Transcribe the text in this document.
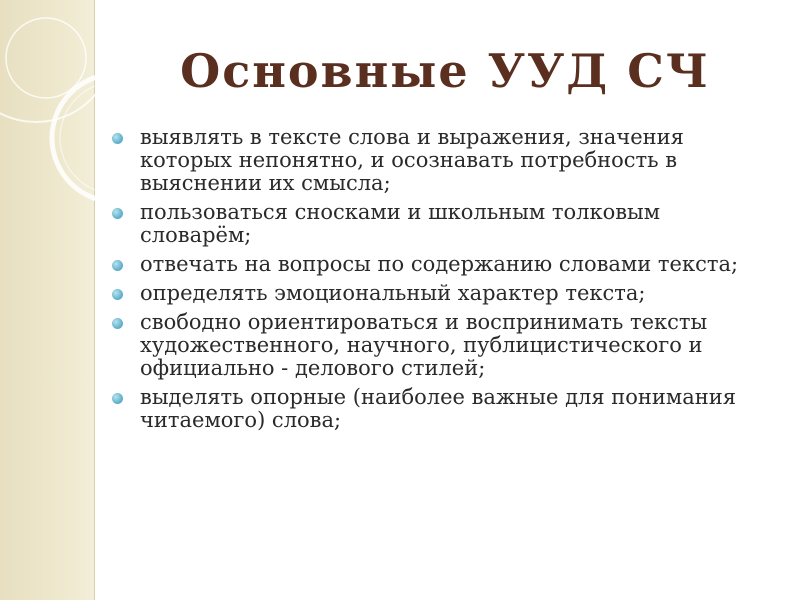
Основные УУД СЧ
выявлять в тексте слова и выражения, значения которых непонятно, и осознавать потребность в выяснении их смысла;
пользоваться сносками и школьным толковым словарём;
отвечать на вопросы по содержанию словами текста;
определять эмоциональный характер текста;
свободно ориентироваться и воспринимать тексты художественного, научного, публицистического и официально - делового стилей;
выделять опорные (наиболее важные для понимания читаемого) слова;
